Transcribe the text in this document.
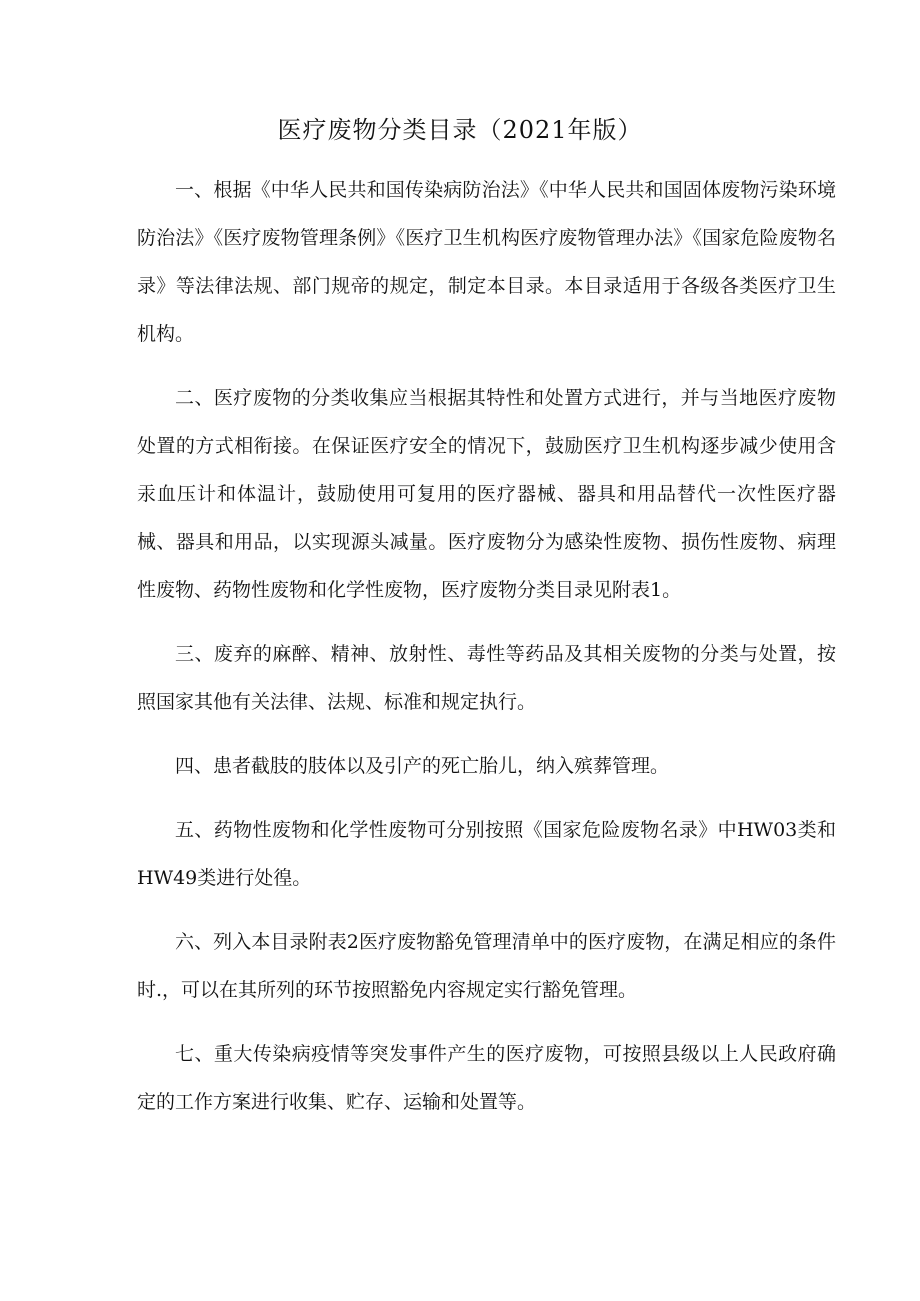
医疗废物分类目录（2021年版）

一、根据《中华人民共和国传染病防治法》《中华人民共和国固体废物污染环境防治法》《医疗废物管理条例》《医疗卫生机构医疗废物管理办法》《国家危险废物名录》等法律法规、部门规帝的规定，制定本目录。本目录适用于各级各类医疗卫生机构。

二、医疗废物的分类收集应当根据其特性和处置方式进行，并与当地医疗废物处置的方式相衔接。在保证医疗安全的情况下，鼓励医疗卫生机构逐步减少使用含汞血压计和体温计，鼓励使用可复用的医疗器械、器具和用品替代一次性医疗器械、器具和用品，以实现源头减量。医疗废物分为感染性废物、损伤性废物、病理性废物、药物性废物和化学性废物，医疗废物分类目录见附表1。

三、废弃的麻醉、精神、放射性、毒性等药品及其相关废物的分类与处置，按照国家其他有关法律、法规、标准和规定执行。

四、患者截肢的肢体以及引产的死亡胎儿，纳入殡葬管理。

五、药物性废物和化学性废物可分别按照《国家危险废物名录》中HW03类和HW49类进行处徨。

六、列入本目录附表2医疗废物豁免管理清单中的医疗废物，在满足相应的条件时.，可以在其所列的环节按照豁免内容规定实行豁免管理。

七、重大传染病疫情等突发事件产生的医疗废物，可按照县级以上人民政府确定的工作方案进行收集、贮存、运输和处置等。
